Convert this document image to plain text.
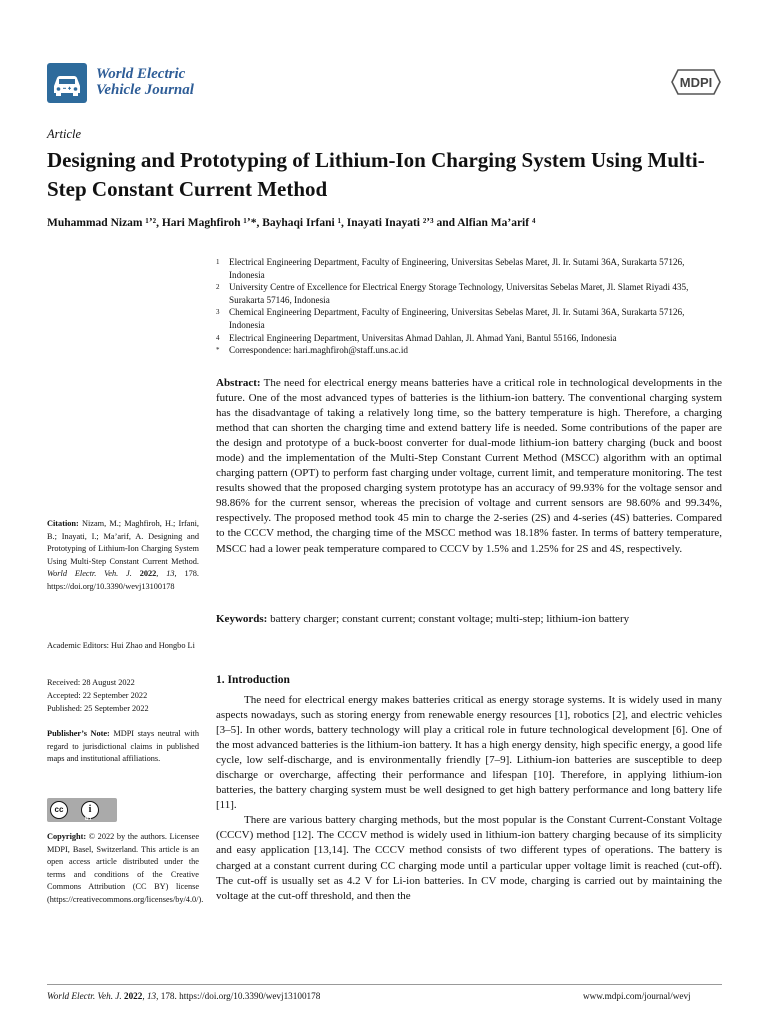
World Electric
Vehicle Journal	MDPI
Article
Designing and Prototyping of Lithium-Ion Charging System Using Multi-Step Constant Current Method
Muhammad Nizam ¹ʼ², Hari Maghfiroh ¹ʼ*, Bayhaqi Irfani ¹, Inayati Inayati ²ʼ³ and Alfian Ma’arif ⁴
1	Electrical Engineering Department, Faculty of Engineering, Universitas Sebelas Maret, Jl. Ir. Sutami 36A, Surakarta 57126, Indonesia
2	University Centre of Excellence for Electrical Energy Storage Technology, Universitas Sebelas Maret, Jl. Slamet Riyadi 435, Surakarta 57146, Indonesia
3	Chemical Engineering Department, Faculty of Engineering, Universitas Sebelas Maret, Jl. Ir. Sutami 36A, Surakarta 57126, Indonesia
4	Electrical Engineering Department, Universitas Ahmad Dahlan, Jl. Ahmad Yani, Bantul 55166, Indonesia
*	Correspondence: hari.maghfiroh@staff.uns.ac.id

Abstract: The need for electrical energy means batteries have a critical role in technological developments in the future. One of the most advanced types of batteries is the lithium-ion battery. The conventional charging system has the disadvantage of taking a relatively long time, so the battery temperature is high. Therefore, a charging method that can shorten the charging time and extend battery life is needed. Some contributions of the paper are the design and prototype of a buck-boost converter for dual-mode lithium-ion battery charging (buck and boost mode) and the implementation of the Multi-Step Constant Current Method (MSCC) algorithm with an optimal charging pattern (OPT) to perform fast charging under voltage, current limit, and temperature monitoring. The test results showed that the proposed charging system prototype has an accuracy of 99.93% for the voltage sensor and 98.86% for the current sensor, whereas the precision of voltage and current sensors are 98.60% and 99.34%, respectively. The proposed method took 45 min to charge the 2-series (2S) and 4-series (4S) batteries. Compared to the CCCV method, the charging time of the MSCC method was 18.18% faster. In terms of battery temperature, MSCC had a lower peak temperature compared to CCCV by 1.5% and 1.25% for 2S and 4S, respectively.

Keywords: battery charger; constant current; constant voltage; multi-step; lithium-ion battery
Citation: Nizam, M.; Maghfiroh, H.; Irfani, B.; Inayati, I.; Ma’arif, A. Designing and Prototyping of Lithium-Ion Charging System Using Multi-Step Constant Current Method. World Electr. Veh. J. 2022, 13, 178. https://doi.org/10.3390/wevj13100178
Academic Editors: Hui Zhao and Hongbo Li
Received: 28 August 2022
Accepted: 22 September 2022
Published: 25 September 2022
Publisher’s Note: MDPI stays neutral with regard to jurisdictional claims in published maps and institutional affiliations.
cc	i
BY
Copyright: © 2022 by the authors. Licensee MDPI, Basel, Switzerland. This article is an open access article distributed under the terms and conditions of the Creative Commons Attribution (CC BY) license (https://creativecommons.org/licenses/by/4.0/).
1. Introduction

The need for electrical energy makes batteries critical as energy storage systems. It is widely used in many aspects nowadays, such as storing energy from renewable energy resources [1], robotics [2], and electric vehicles [3–5]. In other words, battery technology will play a critical role in future technological development [6]. One of the most advanced batteries is the lithium-ion battery. It has a high energy density, high specific energy, a good life cycle, low self-discharge, and is environmentally friendly [7–9]. Lithium-ion batteries are susceptible to deep discharge or overcharge, affecting their performance and lifespan [10]. Therefore, in applying lithium-ion batteries, the battery charging system must be well designed to get high battery performance and long battery life [11].

There are various battery charging methods, but the most popular is the Constant Current-Constant Voltage (CCCV) method [12]. The CCCV method is widely used in lithium-ion battery charging because of its simplicity and easy application [13,14]. The CCCV method consists of two different types of operations. The battery is charged at a constant current during CC charging mode until a particular upper voltage limit is reached (cut-off). The cut-off is usually set as 4.2 V for Li-ion batteries. In CV mode, charging is carried out by maintaining the voltage at the cut-off threshold, and then the

World Electr. Veh. J. 2022, 13, 178. https://doi.org/10.3390/wevj13100178	www.mdpi.com/journal/wevj
